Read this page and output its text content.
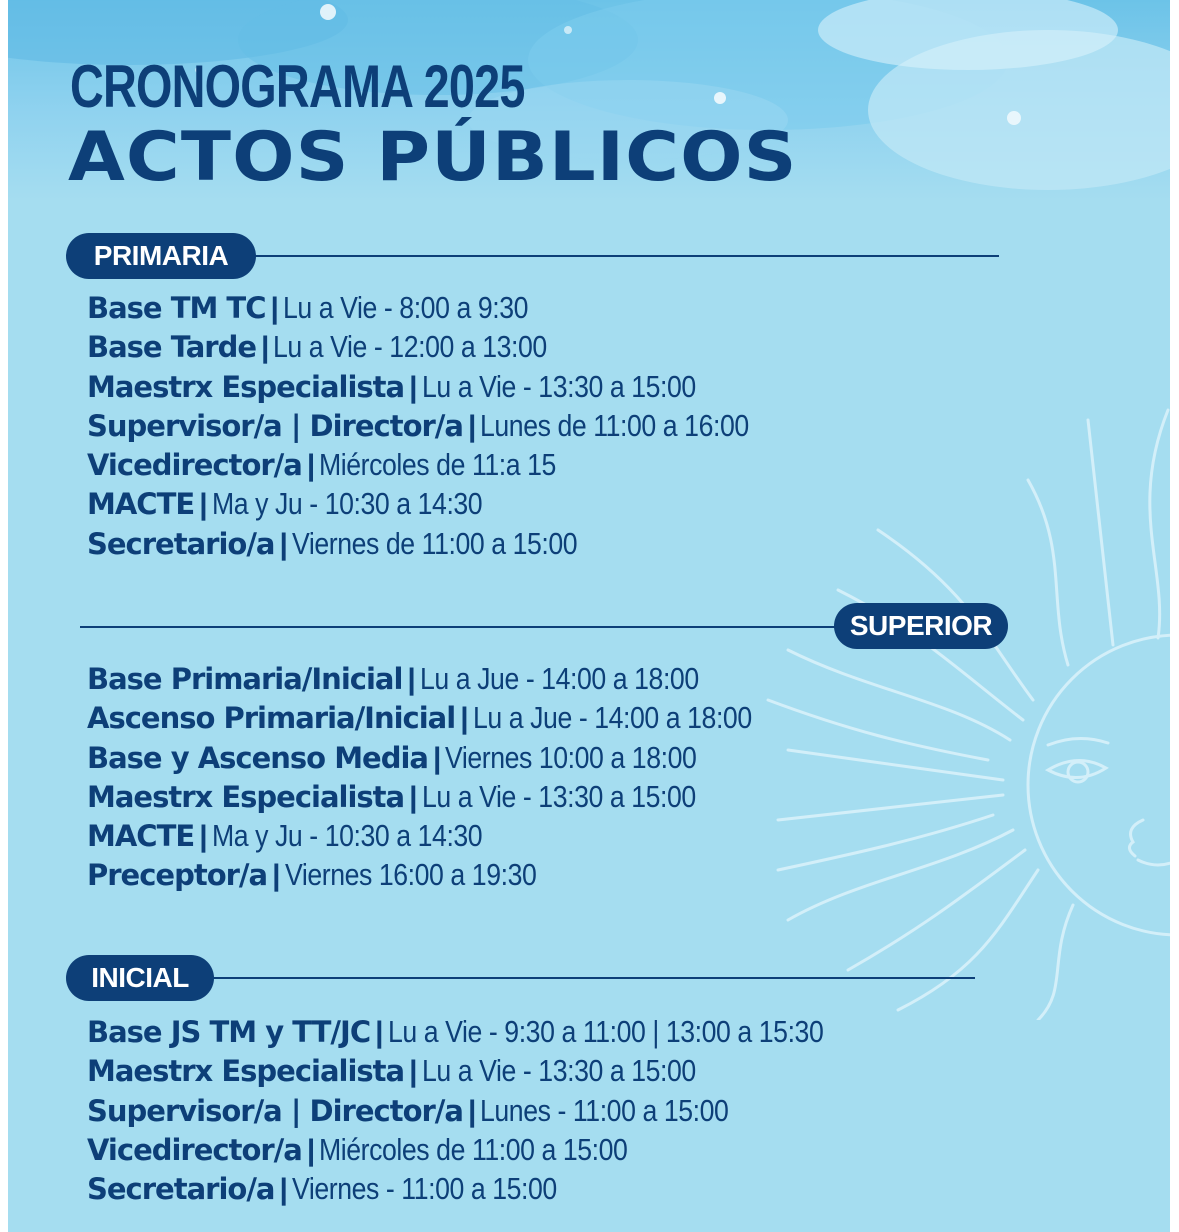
CRONOGRAMA 2025
ACTOS PÚBLICOS
PRIMARIA
Base TM TC | Lu a Vie - 8:00 a 9:30
Base Tarde | Lu a Vie - 12:00 a 13:00
Maestrx Especialista | Lu a Vie - 13:30 a 15:00
Supervisor/a | Director/a | Lunes de 11:00 a 16:00
Vicedirector/a | Miércoles de 11:a 15
MACTE | Ma y Ju - 10:30 a 14:30
Secretario/a | Viernes de 11:00 a 15:00
SUPERIOR
Base Primaria/Inicial | Lu a Jue - 14:00 a 18:00
Ascenso Primaria/Inicial | Lu a Jue - 14:00 a 18:00
Base y Ascenso Media | Viernes 10:00 a 18:00
Maestrx Especialista | Lu a Vie - 13:30 a 15:00
MACTE | Ma y Ju - 10:30 a 14:30
Preceptor/a | Viernes 16:00 a 19:30
INICIAL
Base JS TM y TT/JC | Lu a Vie - 9:30 a 11:00 | 13:00 a 15:30
Maestrx Especialista | Lu a Vie - 13:30 a 15:00
Supervisor/a | Director/a | Lunes - 11:00 a 15:00
Vicedirector/a | Miércoles de 11:00 a 15:00
Secretario/a | Viernes - 11:00 a 15:00
